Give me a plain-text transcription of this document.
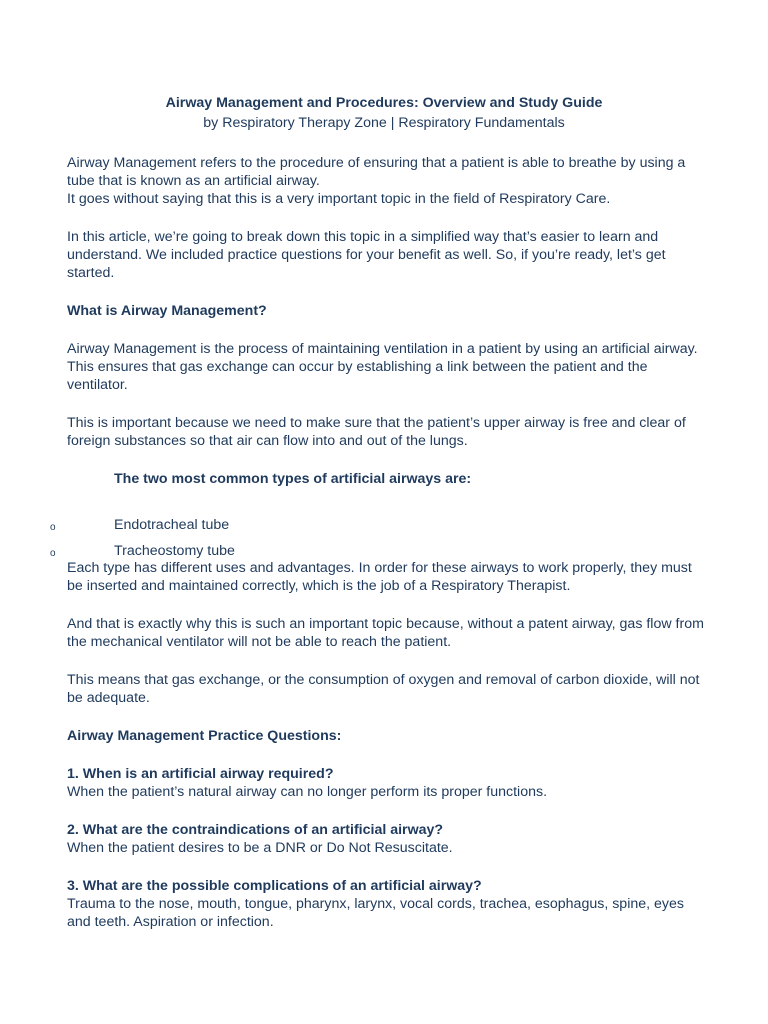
Airway Management and Procedures: Overview and Study Guide

by Respiratory Therapy Zone | Respiratory Fundamentals

Airway Management refers to the procedure of ensuring that a patient is able to breathe by using a tube that is known as an artificial airway.

It goes without saying that this is a very important topic in the field of Respiratory Care.

In this article, we’re going to break down this topic in a simplified way that’s easier to learn and understand. We included practice questions for your benefit as well. So, if you’re ready, let’s get started.

What is Airway Management?

Airway Management is the process of maintaining ventilation in a patient by using an artificial airway. This ensures that gas exchange can occur by establishing a link between the patient and the ventilator.

This is important because we need to make sure that the patient’s upper airway is free and clear of foreign substances so that air can flow into and out of the lungs.

The two most common types of artificial airways are:

o	Endotracheal tube
o	Tracheostomy tube

Each type has different uses and advantages. In order for these airways to work properly, they must be inserted and maintained correctly, which is the job of a Respiratory Therapist.

And that is exactly why this is such an important topic because, without a patent airway, gas flow from the mechanical ventilator will not be able to reach the patient.

This means that gas exchange, or the consumption of oxygen and removal of carbon dioxide, will not be adequate.

Airway Management Practice Questions:

1. When is an artificial airway required?

When the patient’s natural airway can no longer perform its proper functions.

2. What are the contraindications of an artificial airway?

When the patient desires to be a DNR or Do Not Resuscitate.

3. What are the possible complications of an artificial airway?

Trauma to the nose, mouth, tongue, pharynx, larynx, vocal cords, trachea, esophagus, spine, eyes and teeth. Aspiration or infection.
